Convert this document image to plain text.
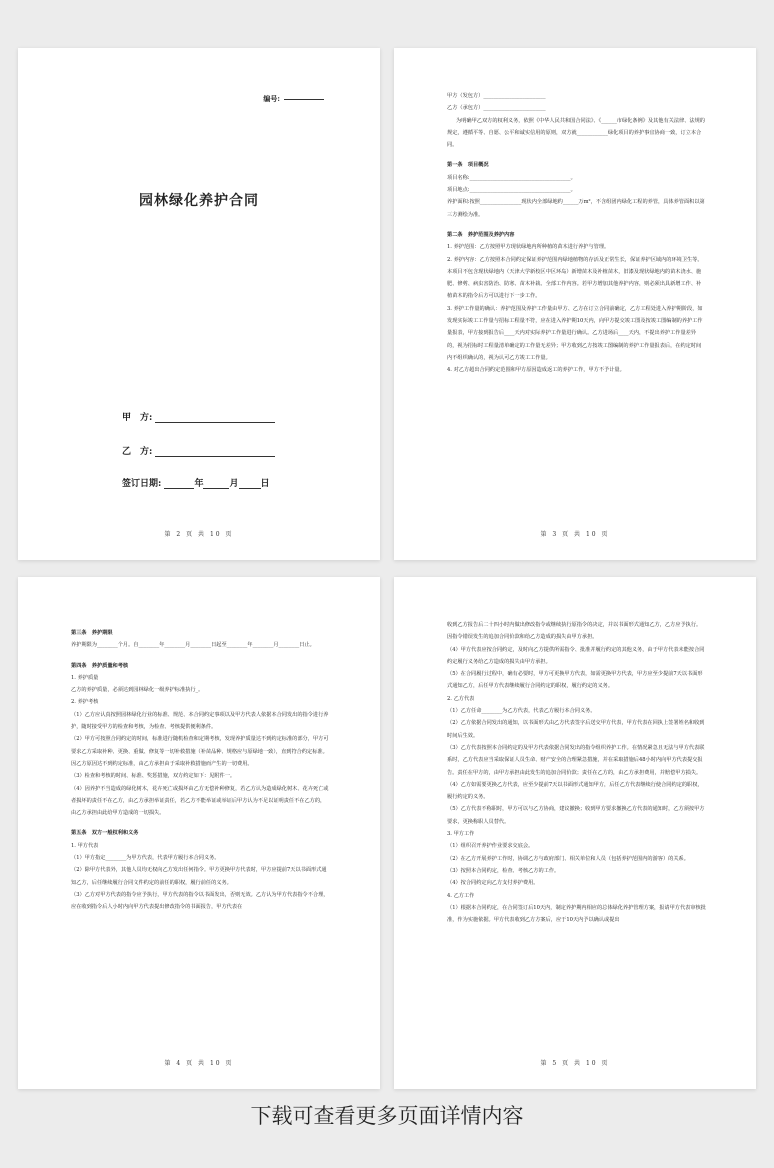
编号:
园林绿化养护合同
甲　方:
乙　方:
签订日期:	年	月 日
第 2 页 共 10 页

甲方（发包方）________________________

乙方（承包方）________________________

为明确甲乙双方的权利义务，依照《中华人民共和国合同法》、《______市绿化条例》及其他有关法律、法规的规定，遵循平等、自愿、公平和诚实信用的原则，双方就____________绿化项目的养护事宜协商一致，订立本合同。

第一条　项目概况

项目名称:_______________________________________。

项目地点:_______________________________________。

养护面积:按照________________现状内全部绿地约______万m²，不含组团内绿化工程的养管，具体养管面积以第三方测绘为准。

第二条　养护范围及养护内容

1. 养护范围：乙方按照甲方现状绿地内所种植的苗木进行养护与管理。

2. 养护内容：乙方按照本合同约定保证养护范围内绿地植物的存活及正常生长，保证养护区域内的环境卫生等。本项目不包含现状绿地内（天津大学新校区中区环岛）新增苗木及补植苗木，旧漆及现状绿地内的苗木浇水、施肥、修剪、病虫害防治、防寒、苗木补栽、全部工作内容。若甲方增加其他养护内容，则必须出具新增工作、补植苗木的指令后方可以进行下一步工作。

3. 养护工作量的确认：养护范围及养护工作量由甲方、乙方在订立合同前确定，乙方工程处进入养护期阶段，如发现实际竣工工作量与招标工程量不符，应在进入养护期10天内，向甲方提交竣工图及按竣工图编制的养护工作量报表，甲方接到报告后____天内对实际养护工作量进行确认。乙方进场后____天内，不提出养护工作量差异的，视为招标时工程量清单确定的工作量无差异；甲方收到乙方按竣工图编制的养护工作量报表后，在约定时间内不组织确认的，视为认可乙方竣工工作量。

4. 对乙方超出合同约定范围和甲方原因造成返工的养护工作，甲方不予计量。

第 3 页 共 10 页

第三条　养护期限

养护期限为________个月。自________年________月________日起至________年________月________日止。

第四条　养护质量和考核

1. 养护质量

乙方的养护质量，必须达到园林绿化一级养护标准执行_。

2. 养护考核

（1）乙方应认真按照园林绿化行业的标准、规范、本合同约定事项以及甲方代表人依据本合同发出的指令进行养护，随时接受甲方的检查和考核，为检查、考核提供便利条件。

（2）甲方可按照合同约定的时间，标准进行随机检查和定期考核，发现养护质量达不到约定标准的部分，甲方可要求乙方采取补种、更换、重做、修复等一切补救措施（补苗品种、规格应与原绿地一致），直到符合约定标准。因乙方原因达不到约定标准，由乙方承担由于采取补救措施而产生的一切费用。

（3）检查和考核的时间、标准、奖惩措施，双方约定如下：见附件一。

（4）因养护不当造成的绿化树木，花卉死亡或损坏由乙方无偿补种修复，若乙方认为造成绿化树木、花卉死亡或者损坏的责任不在乙方，由乙方承担举证责任，若乙方不能举证或举证后甲方认为不足以证明责任不在乙方的，由乙方承担由此给甲方造成的一切损失。

第五条　双方一般权利和义务

1. 甲方代表

（1）甲方指定________为甲方代表，代表甲方履行本合同义务。

（2）除甲方代表外，其他人员均无权向乙方发出任何指令。甲方更换甲方代表时，甲方应提前7天以书面形式通知乙方，后任继续履行合同文件约定的前任的职权，履行前任的义务。

（3）乙方对甲方代表的指令应予执行，甲方代表的指令以书面发出，否则无效。乙方认为甲方代表指令不合理，应在收到指令后人小时内向甲方代表提出修改指令的书面报告，甲方代表在

第 4 页 共 10 页

收到乙方报告后二十四小时内做出修改指令或继续执行原指令的决定，并以书面形式通知乙方，乙方应予执行。因指令错误发生的追加合同价款和给乙方造成的损失由甲方承担。

（4）甲方代表应按合同约定，及时向乙方提供所需指令、批准并履行约定的其他义务，由于甲方代表未能按合同约定履行义务给乙方造成的损失由甲方承担。

（5）在合同履行过程中，确有必要时，甲方可更换甲方代表，如需更换甲方代表，甲方应至少提前7天以书面形式通知乙方，后任甲方代表继续履行合同约定的职权，履行约定的义务。

2. 乙方代表

（1）乙方任命________为乙方代表，代表乙方履行本合同义务。

（2）乙方依据合同发出的通知，以书面形式由乙方代表签字后送交甲方代表，甲方代表在回执上签署姓名和收到时间后生效。

（3）乙方代表按照本合同约定的及甲方代表依据合同发出的指令组织养护工作。在情况紧急且无法与甲方代表联系时，乙方代表应当采取保证人员生命、财产安全的合理紧急措施，并在采取措施后48小时内向甲方代表提交报告。责任在甲方的，由甲方承担由此发生的追加合同价款；责任在乙方的，由乙方承担费用，并赔偿甲方损失。

（4）乙方如需要更换乙方代表，应至少提前7天以书面形式通知甲方，后任乙方代表继续行使合同约定的职权，履行约定的义务。

（5）乙方代表不称职时，甲方可以与乙方协商，建议撤换；收到甲方要求撤换乙方代表的通知时，乙方须按甲方要求，更换称职人员替代。

3. 甲方工作

（1）组织召开养护作业要求交底会。

（2）在乙方开展养护工作时，协调乙方与政府部门、相关单位和人员（包括养护范围内的游客）的关系。

（3）按照本合同约定，检查、考核乙方的工作。

（4）按合同约定向乙方支付养护费用。

4. 乙方工作

（1）根据本合同约定，在合同签订后10天内，制定养护期内相应的总体绿化养护管理方案，报请甲方代表审核批准，作为实施依据。甲方代表收到乙方方案后，应于10天内予以确认或提出

第 5 页 共 10 页
下载可查看更多页面详情内容
